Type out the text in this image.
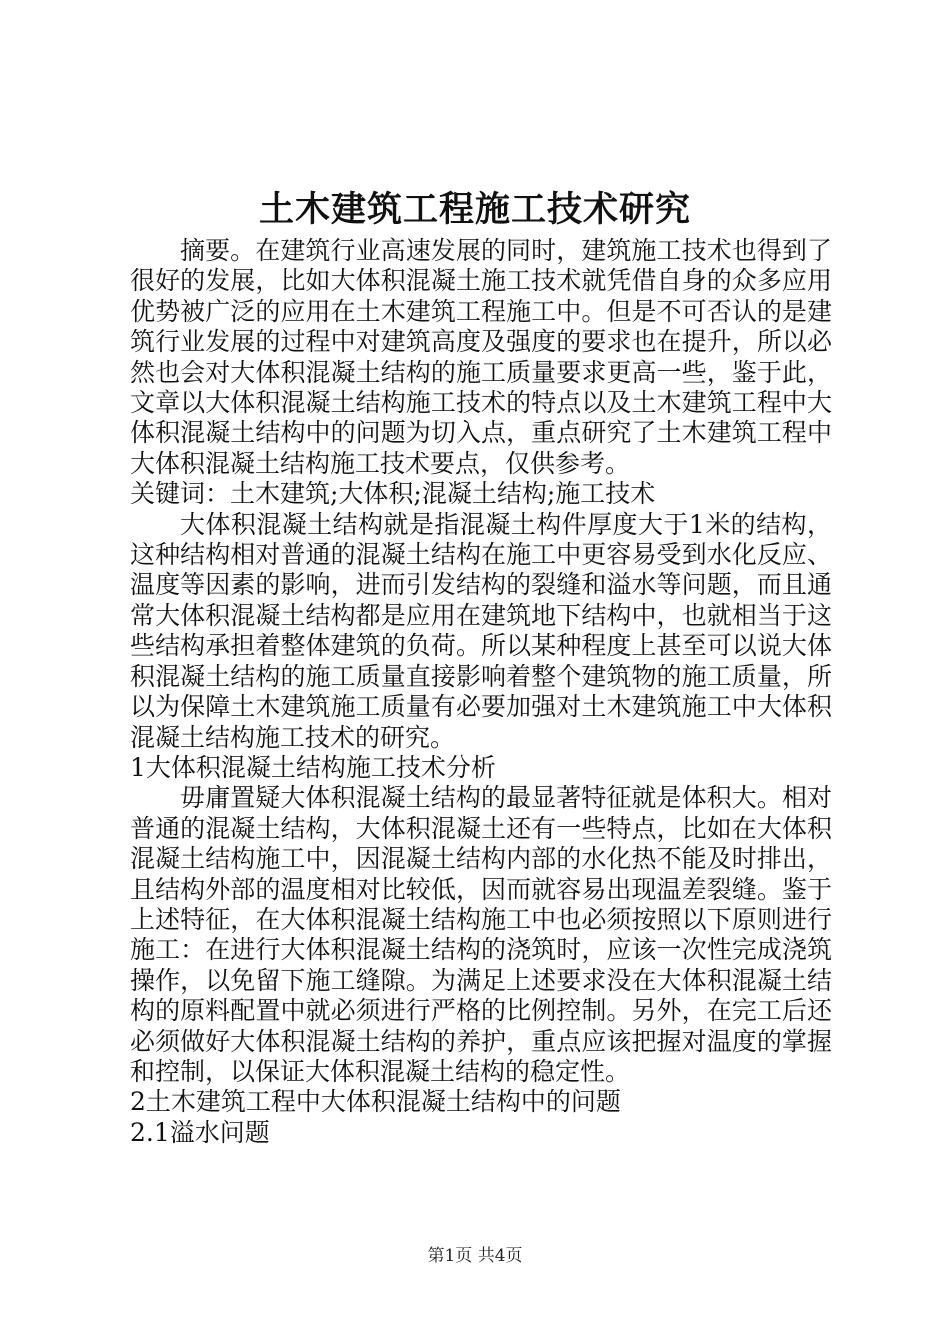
土木建筑工程施工技术研究

摘要。在建筑行业高速发展的同时，建筑施工技术也得到了很好的发展，比如大体积混凝土施工技术就凭借自身的众多应用优势被广泛的应用在土木建筑工程施工中。但是不可否认的是建筑行业发展的过程中对建筑高度及强度的要求也在提升，所以必然也会对大体积混凝土结构的施工质量要求更高一些，鉴于此，文章以大体积混凝土结构施工技术的特点以及土木建筑工程中大体积混凝土结构中的问题为切入点，重点研究了土木建筑工程中大体积混凝土结构施工技术要点，仅供参考。

关键词：土木建筑;大体积;混凝土结构;施工技术

大体积混凝土结构就是指混凝土构件厚度大于1米的结构，这种结构相对普通的混凝土结构在施工中更容易受到水化反应、温度等因素的影响，进而引发结构的裂缝和溢水等问题，而且通常大体积混凝土结构都是应用在建筑地下结构中，也就相当于这些结构承担着整体建筑的负荷。所以某种程度上甚至可以说大体积混凝土结构的施工质量直接影响着整个建筑物的施工质量，所以为保障土木建筑施工质量有必要加强对土木建筑施工中大体积混凝土结构施工技术的研究。

1大体积混凝土结构施工技术分析

毋庸置疑大体积混凝土结构的最显著特征就是体积大。相对普通的混凝土结构，大体积混凝土还有一些特点，比如在大体积混凝土结构施工中，因混凝土结构内部的水化热不能及时排出，且结构外部的温度相对比较低，因而就容易出现温差裂缝。鉴于上述特征，在大体积混凝土结构施工中也必须按照以下原则进行施工：在进行大体积混凝土结构的浇筑时，应该一次性完成浇筑操作，以免留下施工缝隙。为满足上述要求没在大体积混凝土结构的原料配置中就必须进行严格的比例控制。另外，在完工后还必须做好大体积混凝土结构的养护，重点应该把握对温度的掌握和控制，以保证大体积混凝土结构的稳定性。

2土木建筑工程中大体积混凝土结构中的问题

2.1溢水问题

第1页 共4页
